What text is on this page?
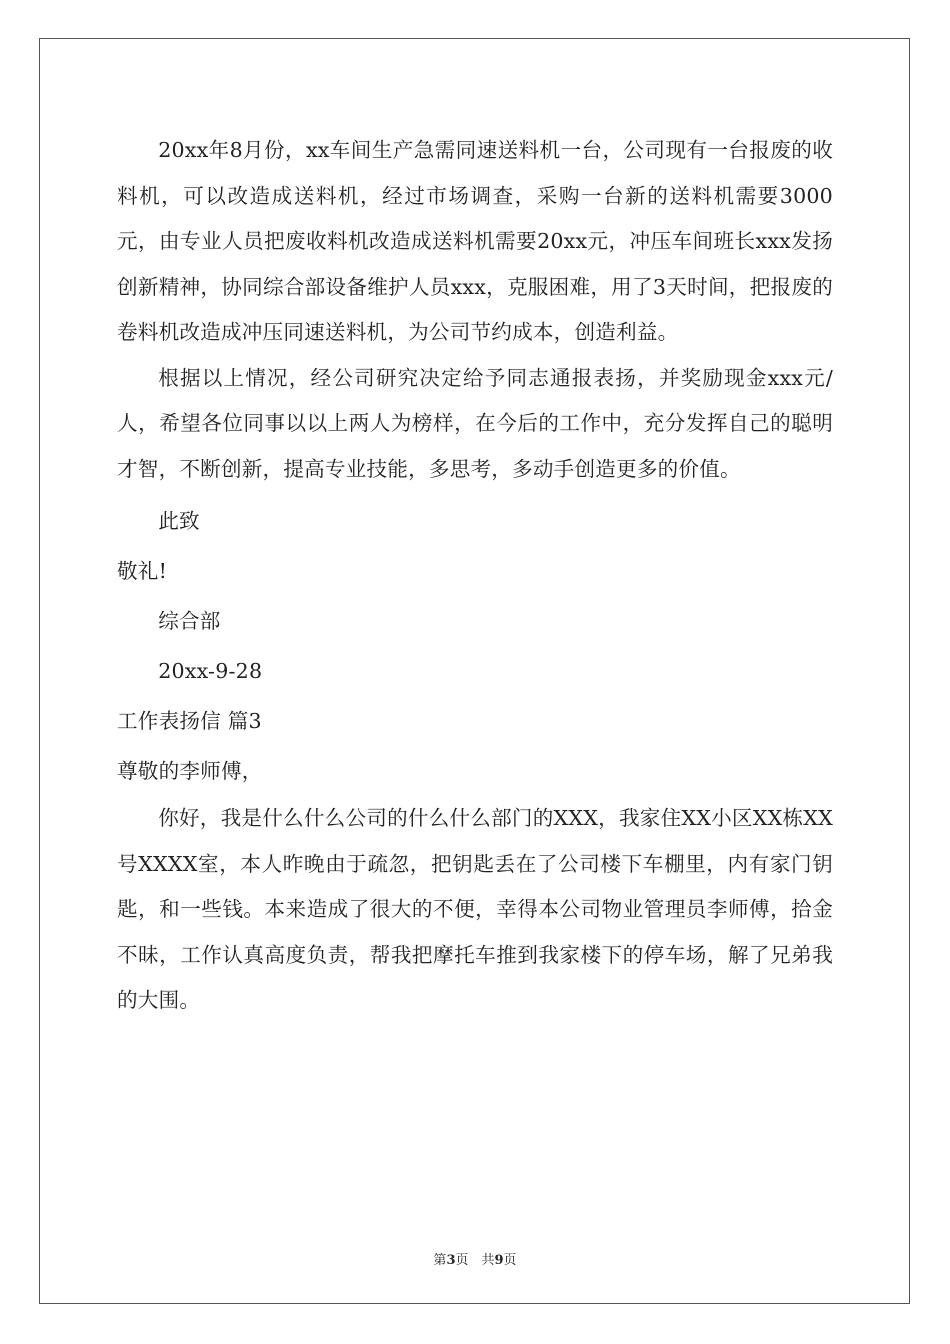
20xx年8月份，xx车间生产急需同速送料机一台，公司现有一台报废的收料机，可以改造成送料机，经过市场调查，采购一台新的送料机需要3000元，由专业人员把废收料机改造成送料机需要20xx元，冲压车间班长xxx发扬创新精神，协同综合部设备维护人员xxx，克服困难，用了3天时间，把报废的卷料机改造成冲压同速送料机，为公司节约成本，创造利益。

根据以上情况，经公司研究决定给予同志通报表扬，并奖励现金xxx元/人，希望各位同事以以上两人为榜样，在今后的工作中，充分发挥自己的聪明才智，不断创新，提高专业技能，多思考，多动手创造更多的价值。

此致

敬礼!

综合部

20xx-9-28

工作表扬信 篇3

尊敬的李师傅，

你好，我是什么什么公司的什么什么部门的XXX，我家住XX小区XX栋XX号XXXX室，本人昨晚由于疏忽，把钥匙丢在了公司楼下车棚里，内有家门钥匙，和一些钱。本来造成了很大的不便，幸得本公司物业管理员李师傅，拾金不昧，工作认真高度负责，帮我把摩托车推到我家楼下的停车场，解了兄弟我的大围。

第3页　共9页
